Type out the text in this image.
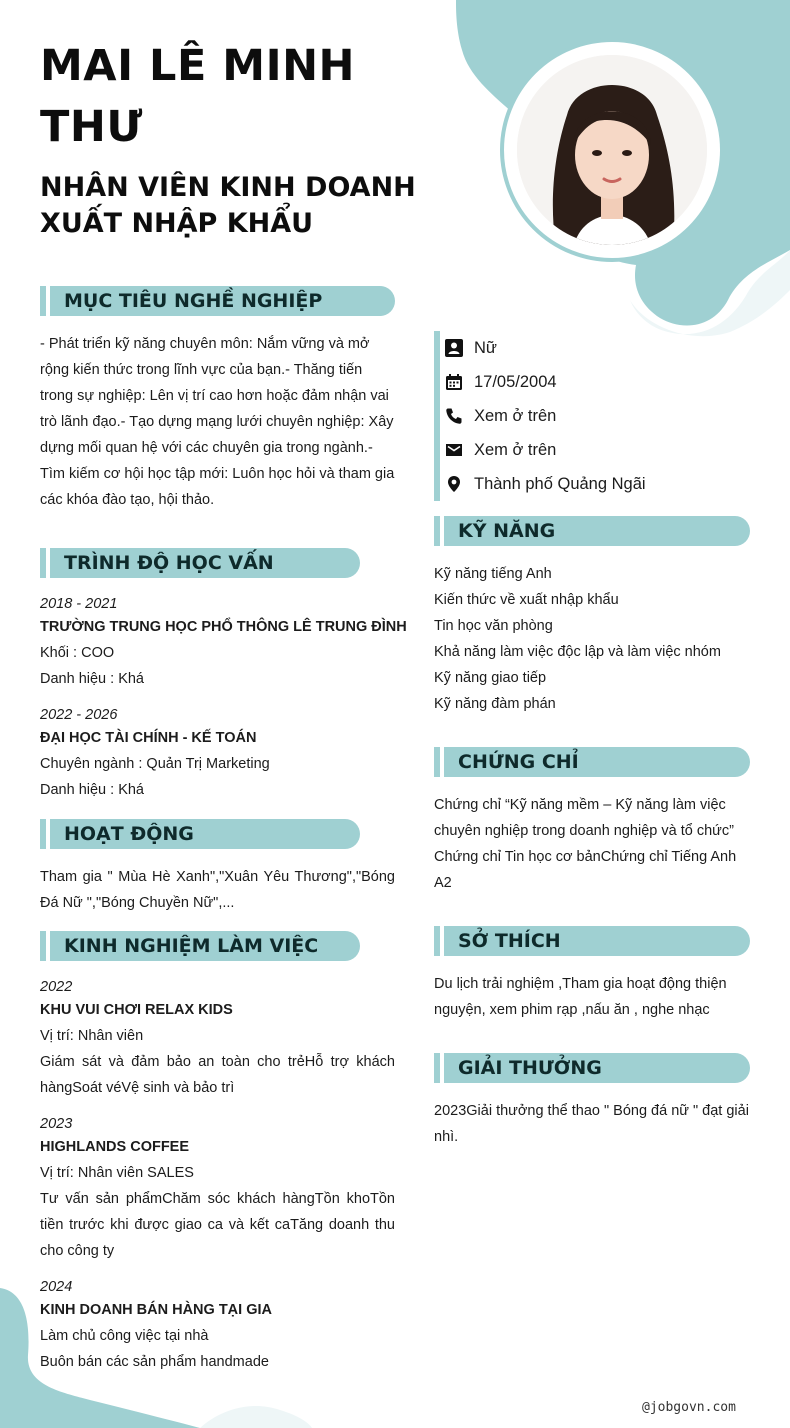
MAI LÊ MINH THƯ
NHÂN VIÊN KINH DOANH
XUẤT NHẬP KHẨU
MỤC TIÊU NGHỀ NGHIỆP
- Phát triển kỹ năng chuyên môn: Nắm vững và mở rộng kiến thức trong lĩnh vực của bạn.- Thăng tiến trong sự nghiệp: Lên vị trí cao hơn hoặc đảm nhận vai trò lãnh đạo.- Tạo dựng mạng lưới chuyên nghiệp: Xây dựng mối quan hệ với các chuyên gia trong ngành.- Tìm kiếm cơ hội học tập mới: Luôn học hỏi và tham gia các khóa đào tạo, hội thảo.
TRÌNH ĐỘ HỌC VẤN
2018 - 2021
TRƯỜNG TRUNG HỌC PHỔ THÔNG LÊ TRUNG ĐÌNH
Khối : COO
Danh hiệu : Khá
2022 - 2026
ĐẠI HỌC TÀI CHÍNH - KẾ TOÁN
Chuyên ngành : Quản Trị Marketing
Danh hiệu : Khá
HOẠT ĐỘNG
Tham gia " Mùa Hè Xanh","Xuân Yêu Thương","Bóng Đá Nữ ","Bóng Chuyền Nữ",...
KINH NGHIỆM LÀM VIỆC
2022
KHU VUI CHƠI RELAX KIDS
Vị trí: Nhân viên
Giám sát và đảm bảo an toàn cho trẻHỗ trợ khách hàngSoát véVệ sinh và bảo trì
2023
HIGHLANDS COFFEE
Vị trí: Nhân viên SALES
Tư vấn sản phẩmChăm sóc khách hàngTồn khoTồn tiền trước khi được giao ca và kết caTăng doanh thu cho công ty
2024
KINH DOANH BÁN HÀNG TẠI GIA
Làm chủ công việc tại nhà
Buôn bán các sản phẩm handmade
Nữ
17/05/2004
Xem ở trên
Xem ở trên
Thành phố Quảng Ngãi
KỸ NĂNG
Kỹ năng tiếng Anh
Kiến thức về xuất nhập khẩu
Tin học văn phòng
Khả năng làm việc độc lập và làm việc nhóm
Kỹ năng giao tiếp
Kỹ năng đàm phán
CHỨNG CHỈ
Chứng chỉ “Kỹ năng mềm – Kỹ năng làm việc chuyên nghiệp trong doanh nghiệp và tổ chức” Chứng chỉ Tin học cơ bảnChứng chỉ Tiếng Anh A2
SỞ THÍCH
Du lịch trải nghiệm ,Tham gia hoạt động thiện nguyện, xem phim rạp ,nấu ăn , nghe nhạc
GIẢI THƯỞNG
2023Giải thưởng thể thao " Bóng đá nữ " đạt giải nhì.
@jobgovn.com
